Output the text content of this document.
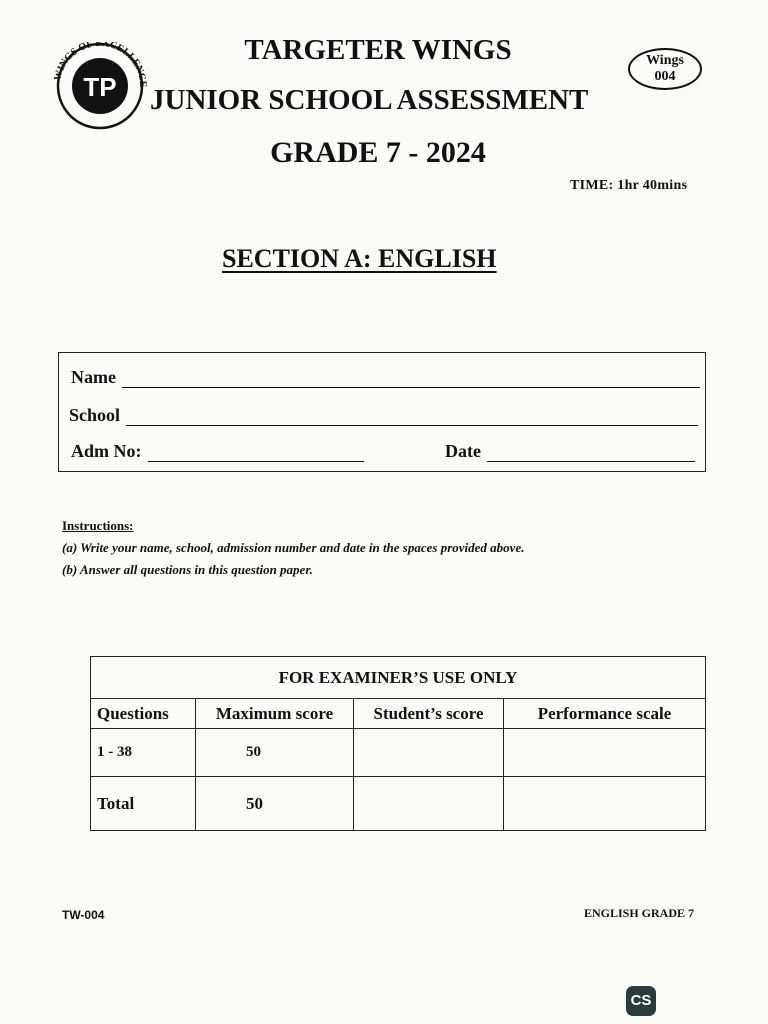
WINGS OF EXCELLENCE
TP
Wings
004
TARGETER WINGS
JUNIOR SCHOOL ASSESSMENT
GRADE 7 - 2024
TIME: 1hr 40mins
SECTION A: ENGLISH
Name
School
Adm No:	Date
Instructions:
(a) Write your name, school, admission number and date in the spaces provided above.
(b) Answer all questions in this question paper.
FOR EXAMINER’S USE ONLY			
Questions	Maximum score	Student’s score	Performance scale
1 - 38	50		
Total	50		
TW-004	ENGLISH GRADE 7
CS
